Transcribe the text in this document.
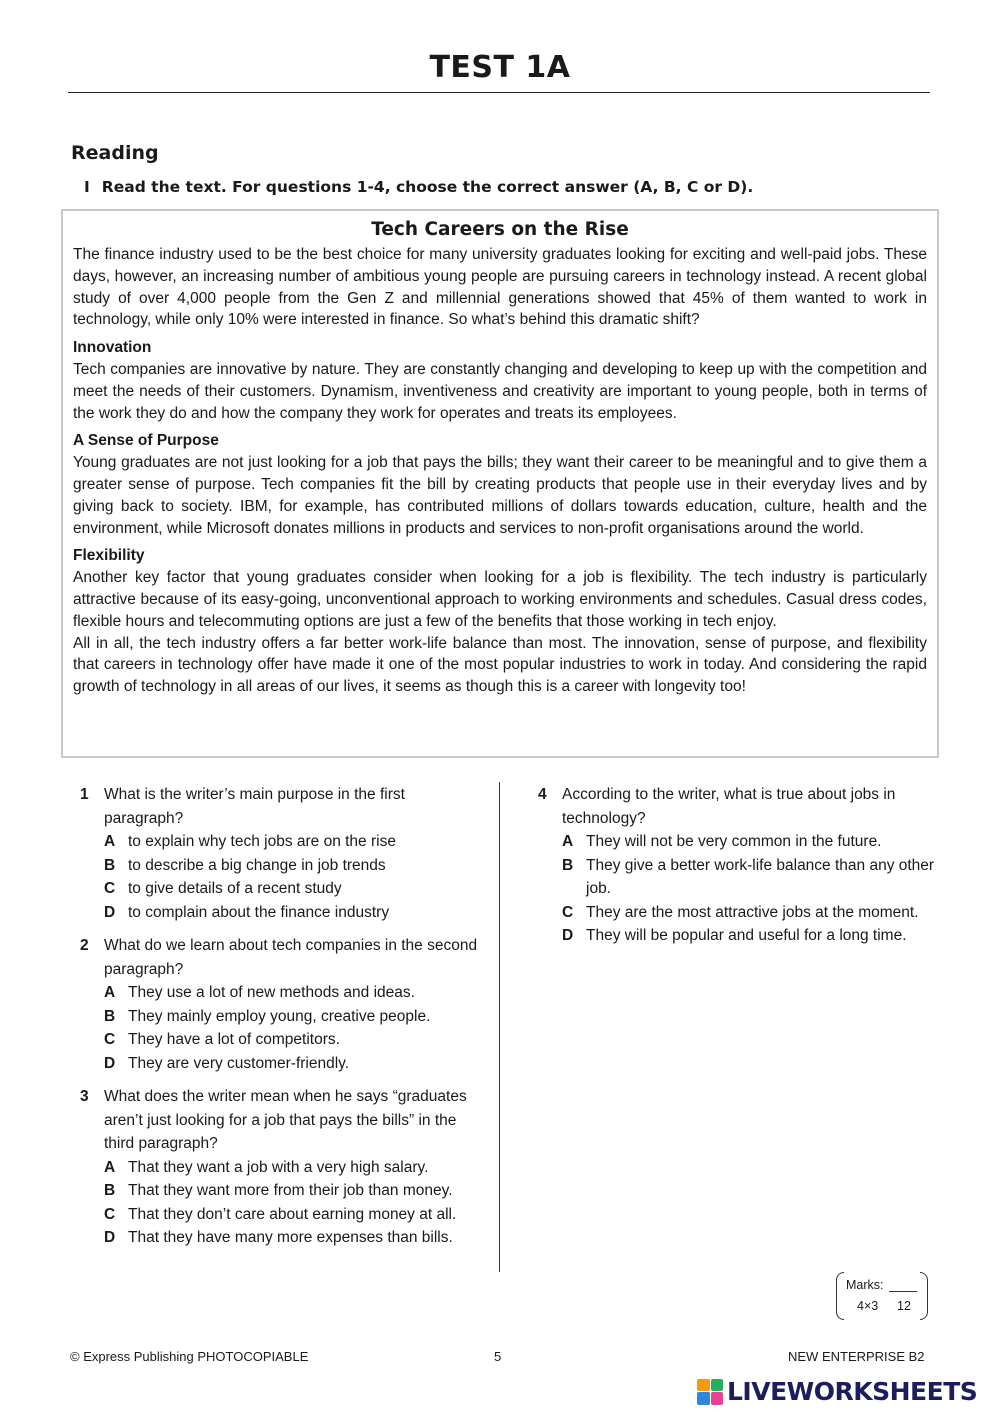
TEST 1A
Reading
I Read the text. For questions 1-4, choose the correct answer (A, B, C or D).
Tech Careers on the Rise

The finance industry used to be the best choice for many university graduates looking for exciting and well-paid jobs. These days, however, an increasing number of ambitious young people are pursuing careers in technology instead. A recent global study of over 4,000 people from the Gen Z and millennial generations showed that 45% of them wanted to work in technology, while only 10% were interested in finance. So what’s behind this dramatic shift?

Innovation

Tech companies are innovative by nature. They are constantly changing and developing to keep up with the competition and meet the needs of their customers. Dynamism, inventiveness and creativity are important to young people, both in terms of the work they do and how the company they work for operates and treats its employees.

A Sense of Purpose

Young graduates are not just looking for a job that pays the bills; they want their career to be meaningful and to give them a greater sense of purpose. Tech companies fit the bill by creating products that people use in their everyday lives and by giving back to society. IBM, for example, has contributed millions of dollars towards education, culture, health and the environment, while Microsoft donates millions in products and services to non-profit organisations around the world.

Flexibility

Another key factor that young graduates consider when looking for a job is flexibility. The tech industry is particularly attractive because of its easy-going, unconventional approach to working environments and schedules. Casual dress codes, flexible hours and telecommuting options are just a few of the benefits that those working in tech enjoy.

All in all, the tech industry offers a far better work-life balance than most. The innovation, sense of purpose, and flexibility that careers in technology offer have made it one of the most popular industries to work in today. And considering the rapid growth of technology in all areas of our lives, it seems as though this is a career with longevity too!

1 What is the writer’s main purpose in the first paragraph?
A to explain why tech jobs are on the rise
B to describe a big change in job trends
C to give details of a recent study
D to complain about the finance industry
2 What do we learn about tech companies in the second paragraph?
A They use a lot of new methods and ideas.
B They mainly employ young, creative people.
C They have a lot of competitors.
D They are very customer-friendly.
3 What does the writer mean when he says “graduates aren’t just looking for a job that pays the bills” in the third paragraph?
A That they want a job with a very high salary.
B That they want more from their job than money.
C That they don’t care about earning money at all.
D That they have many more expenses than bills.
4 According to the writer, what is true about jobs in technology?
A They will not be very common in the future.
B They give a better work-life balance than any other job.
C They are the most attractive jobs at the moment.
D They will be popular and useful for a long time.
Marks:
4×3 12
© Express Publishing PHOTOCOPIABLE	5	NEW ENTERPRISE B2
LIVEWORKSHEETS
